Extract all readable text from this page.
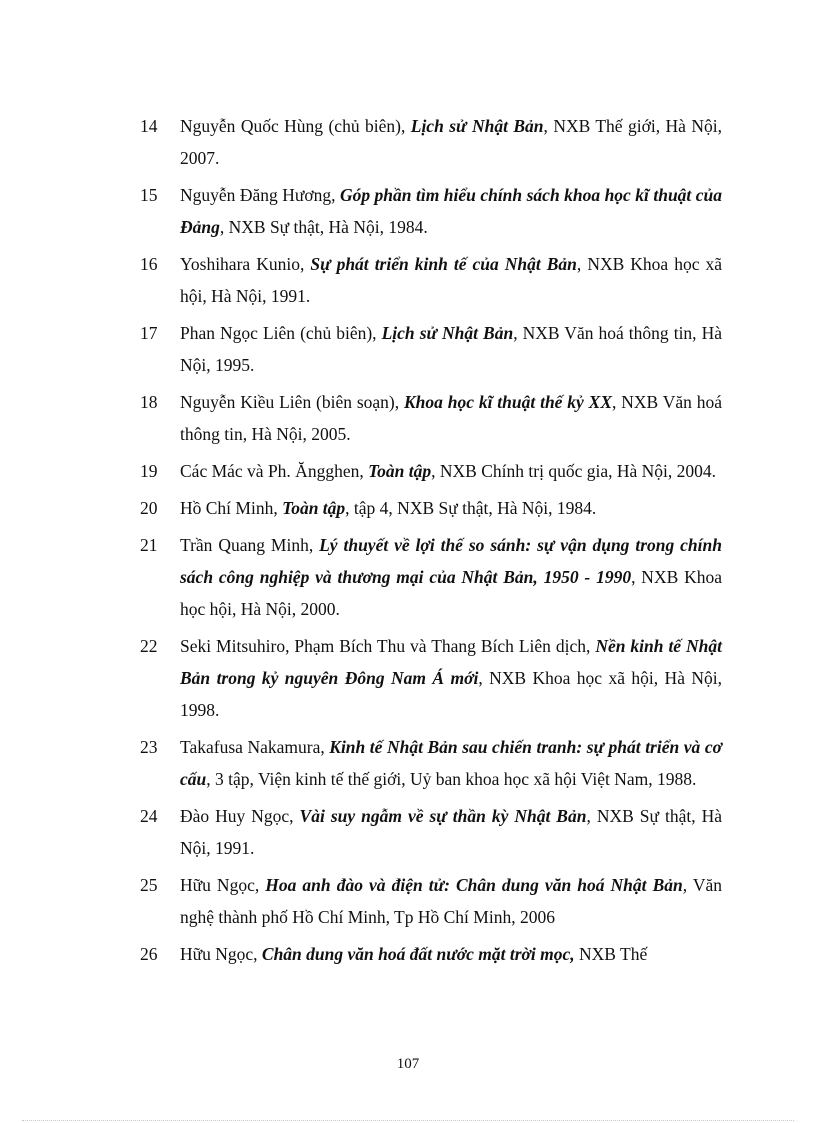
14	Nguyễn Quốc Hùng (chủ biên), Lịch sử Nhật Bản, NXB Thế giới, Hà Nội, 2007.
15	Nguyễn Đăng Hương, Góp phần tìm hiểu chính sách khoa học kĩ thuật của Đảng, NXB Sự thật, Hà Nội, 1984.
16	Yoshihara Kunio, Sự phát triển kinh tế của Nhật Bản, NXB Khoa học xã hội, Hà Nội, 1991.
17	Phan Ngọc Liên (chủ biên), Lịch sử Nhật Bản, NXB Văn hoá thông tin, Hà Nội, 1995.
18	Nguyễn Kiều Liên (biên soạn), Khoa học kĩ thuật thế kỷ XX, NXB Văn hoá thông tin, Hà Nội, 2005.
19	Các Mác và Ph. Ăngghen, Toàn tập, NXB Chính trị quốc gia, Hà Nội, 2004.
20	Hồ Chí Minh, Toàn tập, tập 4, NXB Sự thật, Hà Nội, 1984.
21	Trần Quang Minh, Lý thuyết về lợi thế so sánh: sự vận dụng trong chính sách công nghiệp và thương mại của Nhật Bản, 1950 - 1990, NXB Khoa học hội, Hà Nội, 2000.
22	Seki Mitsuhiro, Phạm Bích Thu và Thang Bích Liên dịch, Nền kinh tế Nhật Bản trong kỷ nguyên Đông Nam Á mới, NXB Khoa học xã hội, Hà Nội, 1998.
23	Takafusa Nakamura, Kinh tế Nhật Bản sau chiến tranh: sự phát triển và cơ cấu, 3 tập, Viện kinh tế thế giới, Uỷ ban khoa học xã hội Việt Nam, 1988.
24	Đào Huy Ngọc, Vài suy ngẫm về sự thần kỳ Nhật Bản, NXB Sự thật, Hà Nội, 1991.
25	Hữu Ngọc, Hoa anh đào và điện tử: Chân dung văn hoá Nhật Bản, Văn nghệ thành phố Hồ Chí Minh, Tp Hồ Chí Minh, 2006
26	Hữu Ngọc, Chân dung văn hoá đất nước mặt trời mọc, NXB Thế
107
